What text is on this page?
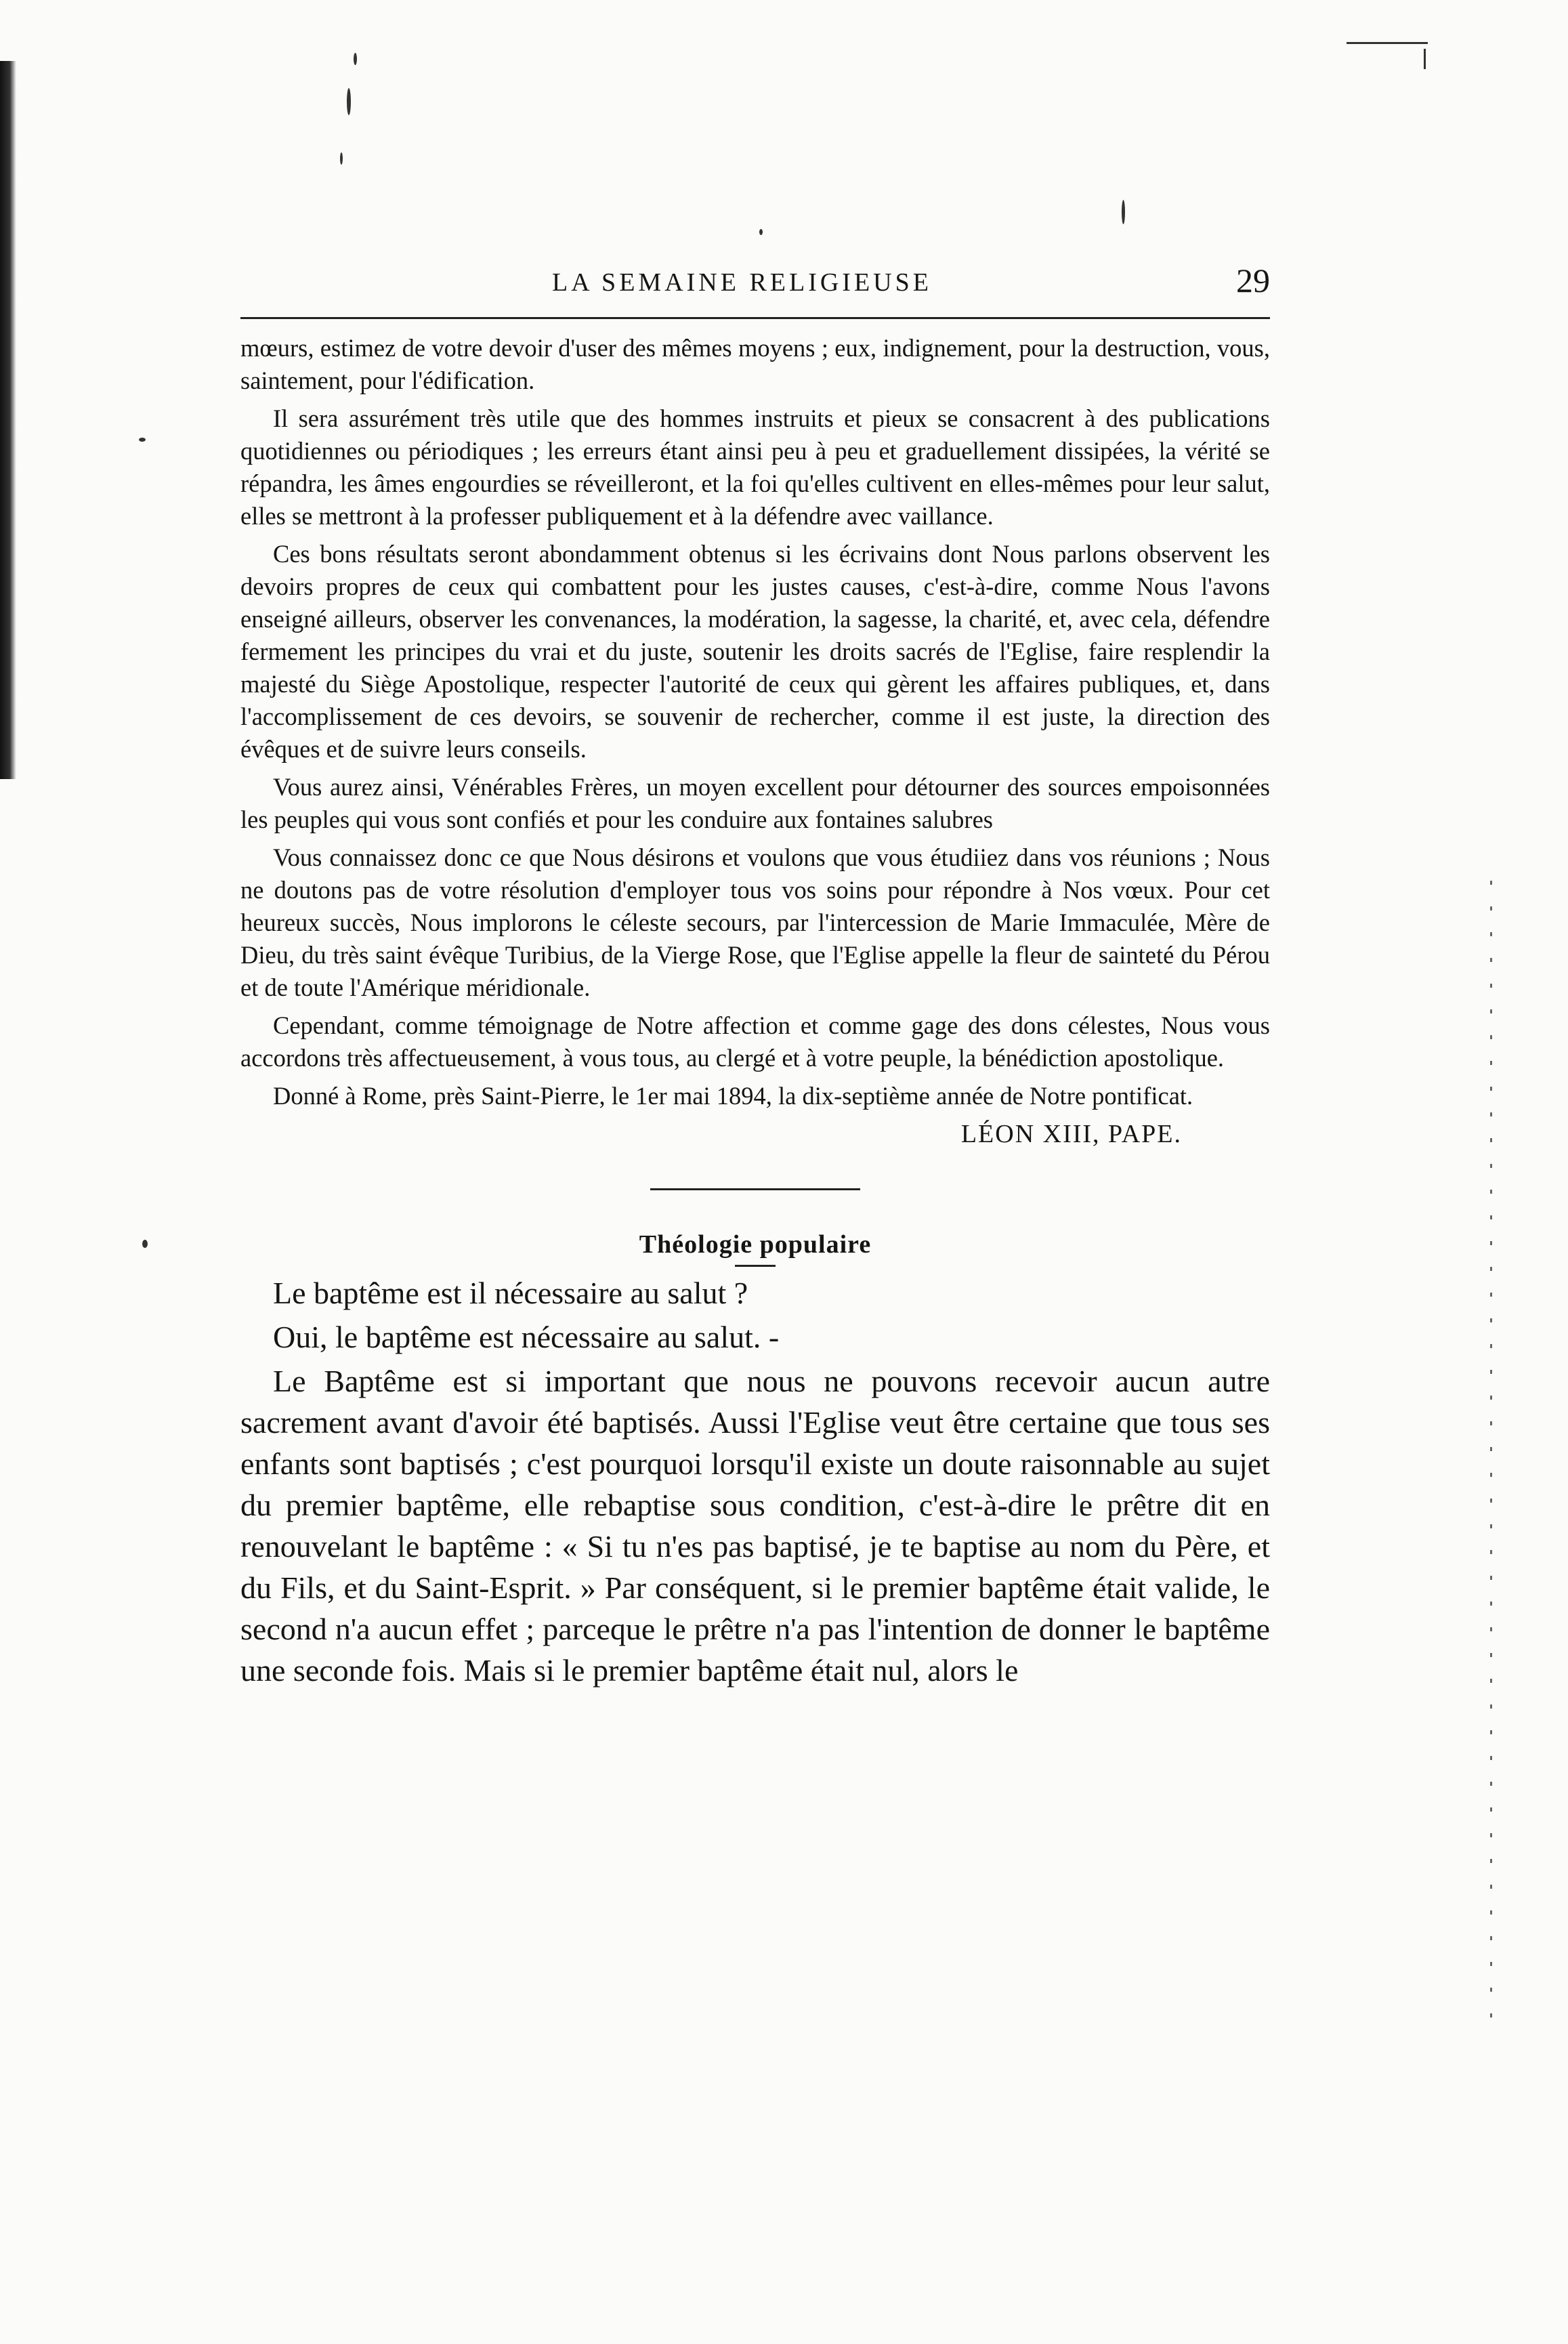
LA SEMAINE RELIGIEUSE	29

mœurs, estimez de votre devoir d'user des mêmes moyens ; eux, indignement, pour la destruction, vous, saintement, pour l'édification.

Il sera assurément très utile que des hommes instruits et pieux se consacrent à des publications quotidiennes ou périodiques ; les erreurs étant ainsi peu à peu et graduellement dissipées, la vérité se répandra, les âmes engourdies se réveilleront, et la foi qu'elles cultivent en elles-mêmes pour leur salut, elles se mettront à la professer publiquement et à la défendre avec vaillance.

Ces bons résultats seront abondamment obtenus si les écrivains dont Nous parlons observent les devoirs propres de ceux qui combattent pour les justes causes, c'est-à-dire, comme Nous l'avons enseigné ailleurs, observer les convenances, la modération, la sagesse, la charité, et, avec cela, défendre fermement les principes du vrai et du juste, soutenir les droits sacrés de l'Eglise, faire resplendir la majesté du Siège Apostolique, respecter l'autorité de ceux qui gèrent les affaires publiques, et, dans l'accomplissement de ces devoirs, se souvenir de rechercher, comme il est juste, la direction des évêques et de suivre leurs conseils.

Vous aurez ainsi, Vénérables Frères, un moyen excellent pour détourner des sources empoisonnées les peuples qui vous sont confiés et pour les conduire aux fontaines salubres

Vous connaissez donc ce que Nous désirons et voulons que vous étudiiez dans vos réunions ; Nous ne doutons pas de votre résolution d'employer tous vos soins pour répondre à Nos vœux. Pour cet heureux succès, Nous implorons le céleste secours, par l'intercession de Marie Immaculée, Mère de Dieu, du très saint évêque Turibius, de la Vierge Rose, que l'Eglise appelle la fleur de sainteté du Pérou et de toute l'Amérique méridionale.

Cependant, comme témoignage de Notre affection et comme gage des dons célestes, Nous vous accordons très affectueusement, à vous tous, au clergé et à votre peuple, la bénédiction apostolique.

Donné à Rome, près Saint-Pierre, le 1er mai 1894, la dix-septième année de Notre pontificat.

LÉON XIII, PAPE.
Théologie populaire

Le baptême est il nécessaire au salut ?

Oui, le baptême est nécessaire au salut. -

Le Baptême est si important que nous ne pouvons recevoir aucun autre sacrement avant d'avoir été baptisés. Aussi l'Eglise veut être certaine que tous ses enfants sont baptisés ; c'est pourquoi lorsqu'il existe un doute raisonnable au sujet du premier baptême, elle rebaptise sous condition, c'est-à-dire le prêtre dit en renouvelant le baptême : « Si tu n'es pas baptisé, je te baptise au nom du Père, et du Fils, et du Saint-Esprit. » Par conséquent, si le premier baptême était valide, le second n'a aucun effet ; parceque le prêtre n'a pas l'intention de donner le baptême une seconde fois. Mais si le premier baptême était nul, alors le
